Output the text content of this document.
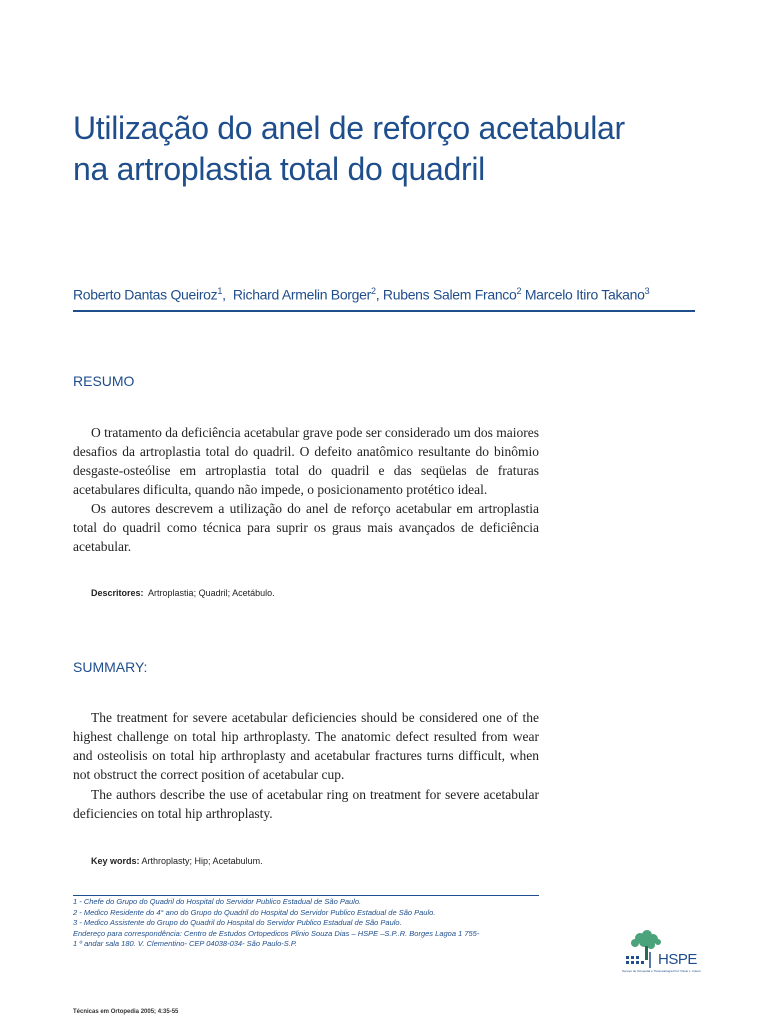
Utilização do anel de reforço acetabular
na artroplastia total do quadril
Roberto Dantas Queiroz$^1$,  Richard Armelin Borger$^2$, Rubens Salem Franco$^2$ Marcelo Itiro Takano$^3$
RESUMO

O tratamento da deficiência acetabular grave pode ser considerado um dos maiores desafios da artroplastia total do quadril. O defeito anatômico resultante do binômio desgaste-osteólise em artroplastia total do quadril e das seqüelas de fraturas acetabulares dificulta, quando não impede, o posicionamento protético ideal.

Os autores descrevem a utilização do anel de reforço acetabular em artroplastia total do quadril como técnica para suprir os graus mais avançados de deficiência acetabular.

Descritores: Artroplastia; Quadril; Acetábulo.
SUMMARY:

The treatment for severe acetabular deficiencies should be considered one of the highest challenge on total hip arthroplasty. The anatomic defect resulted from wear and osteolisis on total hip arthroplasty and acetabular fractures turns difficult, when not obstruct the correct position of acetabular cup.

The authors describe the use of acetabular ring on treatment for severe acetabular deficiencies on total hip arthroplasty.

Key words: Arthroplasty; Hip; Acetabulum.
1 - Chefe do Grupo do Quadril do Hospital do Servidor Publico Estadual de São Paulo.
2 - Medico Residente do 4° ano do Grupo do Quadril do Hospital do Servidor Publico Estadual de São Paulo.
3 - Medico Assistente do Grupo do Quadril do Hospital do Servidor Publico Estadual de São Paulo.
Endereço para correspondência: Centro de Estudos Ortopedicos Plinio Souza Dias – HSPE –S.P..R. Borges Lagoa 1 755-
1 º andar sala 180. V. Clementino- CEP 04038-034- São Paulo-S.P.
HSPE
Serviço de Ortopedia e Traumatologia Prof. Paulo L. Fáveri
Técnicas em Ortopedia 2005; 4:35-55
